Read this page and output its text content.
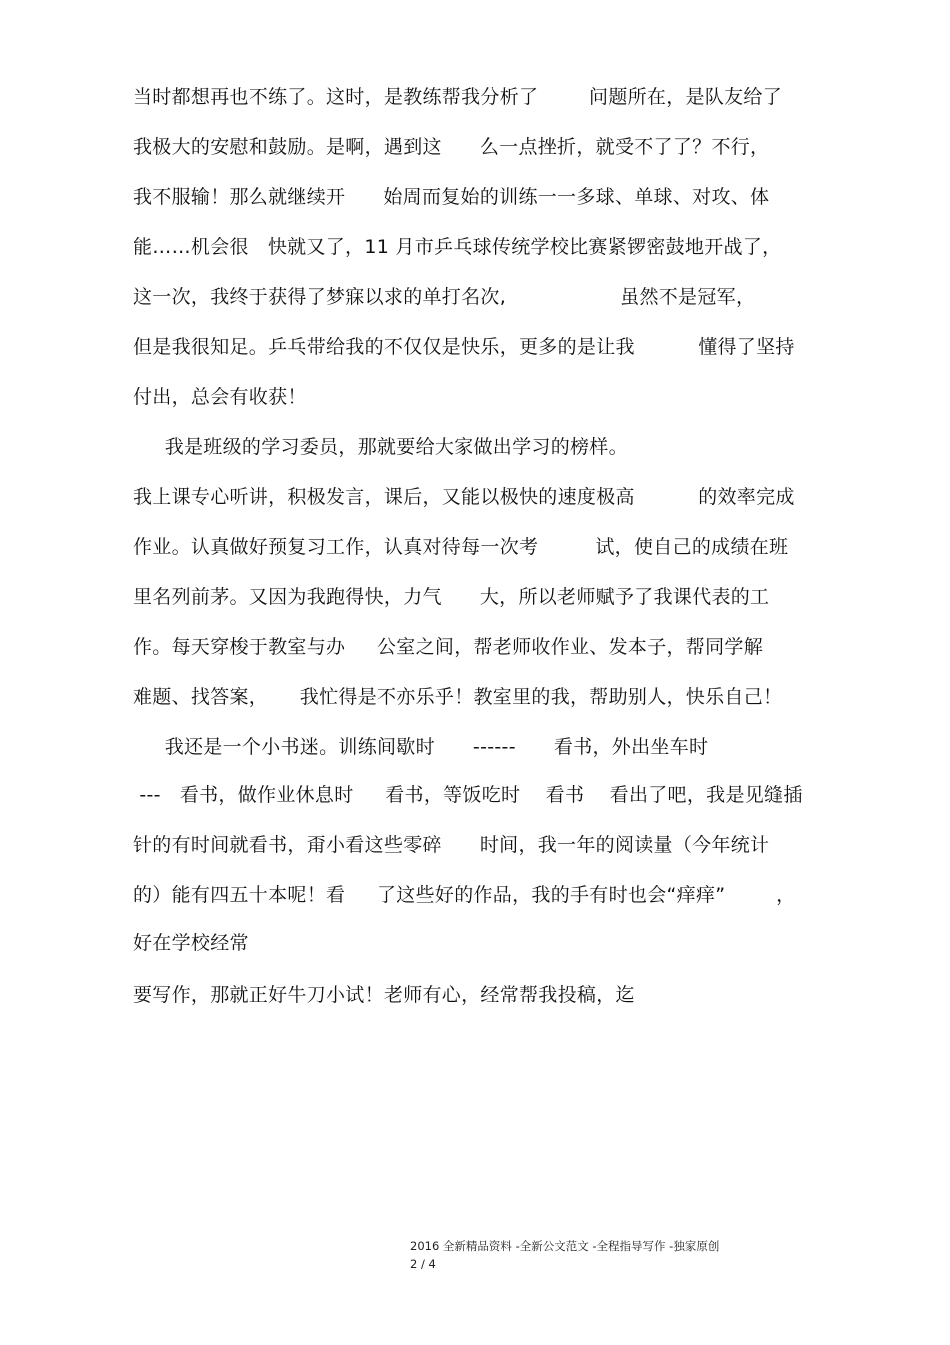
当时都想再也不练了。这时，是教练帮我分析了        问题所在，是队友给了
我极大的安慰和鼓励。是啊，遇到这      么一点挫折，就受不了了？不行，
我不服输！那么就继续开      始周而复始的训练一一多球、单球、对攻、体
能……机会很   快就又了，11 月市乒乓球传统学校比赛紧锣密鼓地开战了，
这一次，我终于获得了梦寐以求的单打名次,                  虽然不是冠军，
但是我很知足。乒乓带给我的不仅仅是快乐，更多的是让我          懂得了坚持
付出，总会有收获！
我是班级的学习委员，那就要给大家做出学习的榜样。
我上课专心听讲，积极发言，课后，又能以极快的速度极高          的效率完成
作业。认真做好预复习工作，认真对待每一次考         试，使自己的成绩在班
里名列前茅。又因为我跑得快，力气      大，所以老师赋予了我课代表的工
作。每天穿梭于教室与办     公室之间，帮老师收作业、发本子，帮同学解
难题、找答案，     我忙得是不亦乐乎！教室里的我，帮助别人，快乐自己！
我还是一个小书迷。训练间歇时      ------      看书，外出坐车时
---   看书，做作业休息时     看书，等饭吃时    看书    看出了吧，我是见缝插
针的有时间就看书，甭小看这些零碎      时间，我一年的阅读量（今年统计
的）能有四五十本呢！看     了这些好的作品，我的手有时也会“痒痒”        ，
好在学校经常
要写作，那就正好牛刀小试！老师有心，经常帮我投稿，迄
2016 全新精品资料 -全新公文范文 -全程指导写作 -独家原创
2 / 4
